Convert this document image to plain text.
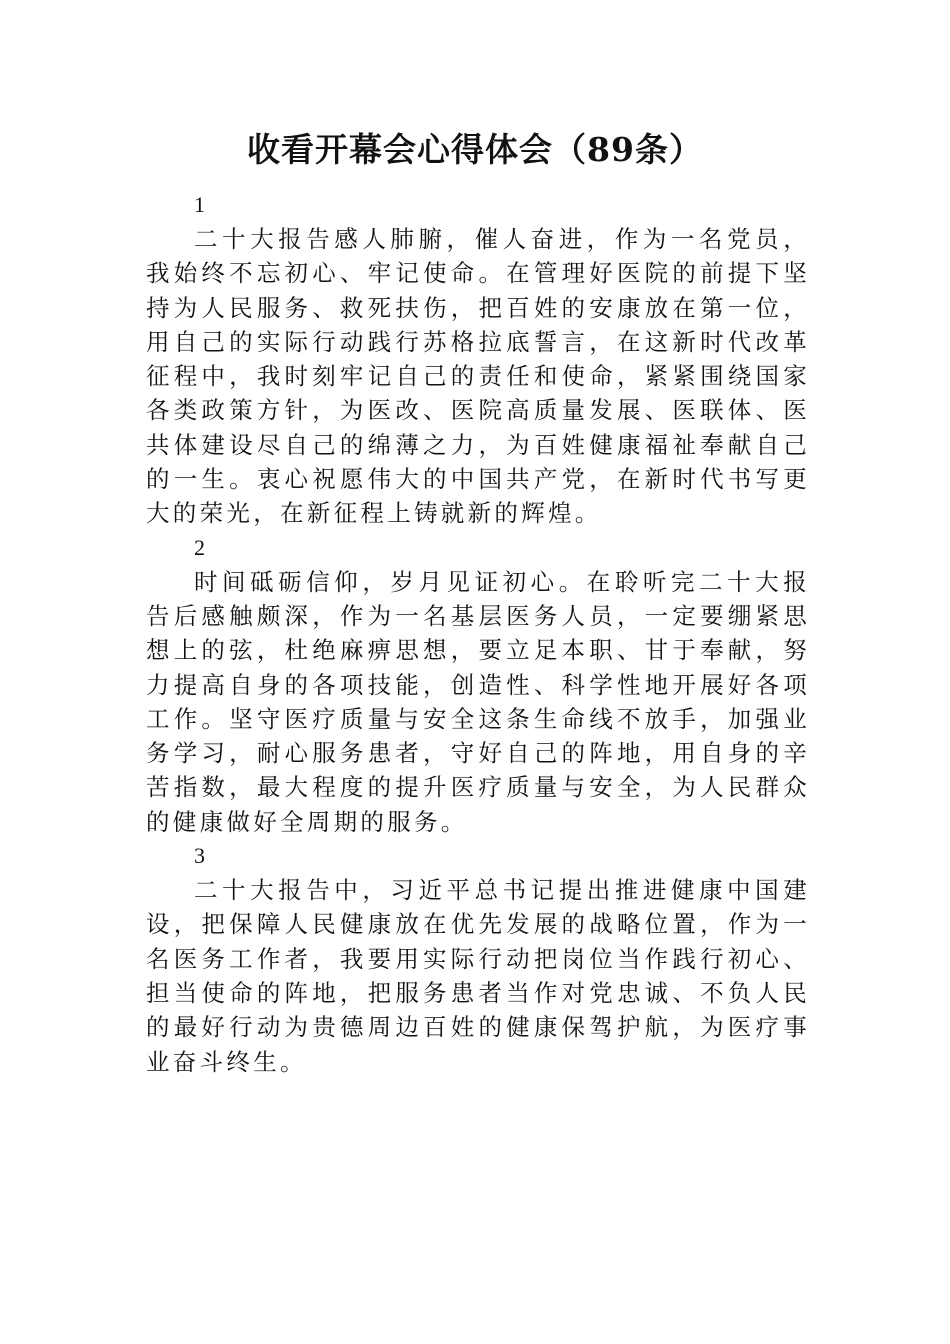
收看开幕会心得体会（89条）

1

二十大报告感人肺腑，催人奋进，作为一名党员，我始终不忘初心、牢记使命。在管理好医院的前提下坚持为人民服务、救死扶伤，把百姓的安康放在第一位，用自己的实际行动践行苏格拉底誓言，在这新时代改革征程中，我时刻牢记自己的责任和使命，紧紧围绕国家各类政策方针，为医改、医院高质量发展、医联体、医共体建设尽自己的绵薄之力，为百姓健康福祉奉献自己的一生。衷心祝愿伟大的中国共产党，在新时代书写更大的荣光，在新征程上铸就新的辉煌。

2

时间砥砺信仰，岁月见证初心。在聆听完二十大报告后感触颇深，作为一名基层医务人员，一定要绷紧思想上的弦，杜绝麻痹思想，要立足本职、甘于奉献，努力提高自身的各项技能，创造性、科学性地开展好各项工作。坚守医疗质量与安全这条生命线不放手，加强业务学习，耐心服务患者，守好自己的阵地，用自身的辛苦指数，最大程度的提升医疗质量与安全，为人民群众的健康做好全周期的服务。

3

二十大报告中，习近平总书记提出推进健康中国建设，把保障人民健康放在优先发展的战略位置，作为一名医务工作者，我要用实际行动把岗位当作践行初心、担当使命的阵地，把服务患者当作对党忠诚、不负人民的最好行动为贵德周边百姓的健康保驾护航，为医疗事业奋斗终生。
